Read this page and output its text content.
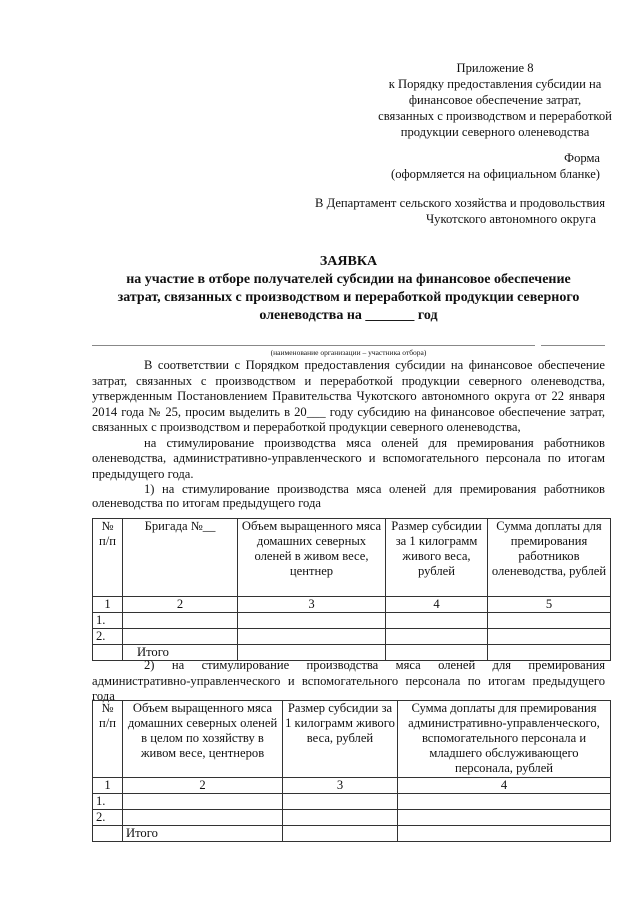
Приложение 8
к Порядку предоставления субсидии на
финансовое обеспечение затрат,
связанных с производством и переработкой
продукции северного оленеводства
Форма
(оформляется на официальном бланке)
В Департамент сельского хозяйства и продовольствия
Чукотского автономного округа
ЗАЯВКА
на участие в отборе получателей субсидии на финансовое обеспечение
затрат, связанных с производством и переработкой продукции северного
оленеводства на _______ год
(наименование организации – участника отбора)

В соответствии с Порядком предоставления субсидии на финансовое обеспечение затрат, связанных с производством и переработкой продукции северного оленеводства, утвержденным Постановлением Правительства Чукотского автономного округа от 22 января 2014 года № 25, просим выделить в 20___ году субсидию на финансовое обеспечение затрат, связанных с производством и переработкой продукции северного оленеводства,

на стимулирование производства мяса оленей для премирования работников оленеводства, административно-управленческого и вспомогательного персонала по итогам предыдущего года.

1) на стимулирование производства мяса оленей для премирования работников оленеводства по итогам предыдущего года

№ п/п	Бригада №__	Объем выращенного мяса домашних северных оленей в живом весе, центнер	Размер субсидии за 1 килограмм живого веса, рублей	Сумма доплаты для премирования работников оленеводства, рублей
1	2	3	4	5
1.				
2.				
	Итого			

2) на стимулирование производства мяса оленей для премирования административно-управленческого и вспомогательного персонала по итогам предыдущего года

№ п/п	Объем выращенного мяса домашних северных оленей в целом по хозяйству в живом весе, центнеров	Размер субсидии за 1 килограмм живого веса, рублей	Сумма доплаты для премирования административно-управленческого, вспомогательного персонала и младшего обслуживающего персонала, рублей
1	2	3	4
1.			
2.			
	Итого		
